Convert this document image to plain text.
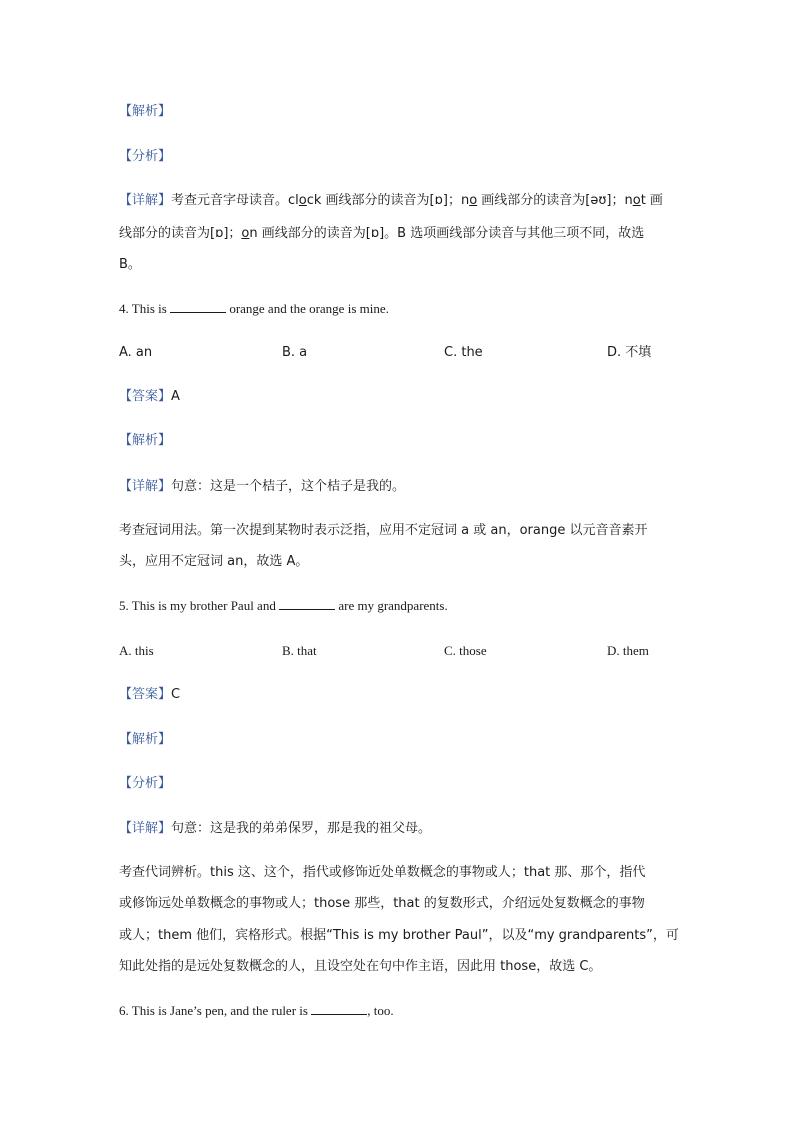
【解析】
【分析】
【详解】考查元音字母读音。clock 画线部分的读音为[ɒ]；no 画线部分的读音为[əʊ]；not 画
线部分的读音为[ɒ]；on 画线部分的读音为[ɒ]。B 选项画线部分读音与其他三项不同，故选
B。
4. This is	orange and the orange is mine.
A. an	B. a	C. the	D. 不填
【答案】A
【解析】
【详解】句意：这是一个桔子，这个桔子是我的。
考查冠词用法。第一次提到某物时表示泛指，应用不定冠词 a 或 an，orange 以元音音素开
头，应用不定冠词 an，故选 A。
5. This is my brother Paul and	are my grandparents.
A. this	B. that	C. those	D. them
【答案】C
【解析】
【分析】
【详解】句意：这是我的弟弟保罗，那是我的祖父母。
考查代词辨析。this 这、这个，指代或修饰近处单数概念的事物或人；that 那、那个，指代
或修饰远处单数概念的事物或人；those 那些，that 的复数形式，介绍远处复数概念的事物
或人；them 他们，宾格形式。根据“This is my brother Paul”，以及“my grandparents”，可
知此处指的是远处复数概念的人，且设空处在句中作主语，因此用 those，故选 C。
6. This is Jane’s pen, and the ruler is	, too.
